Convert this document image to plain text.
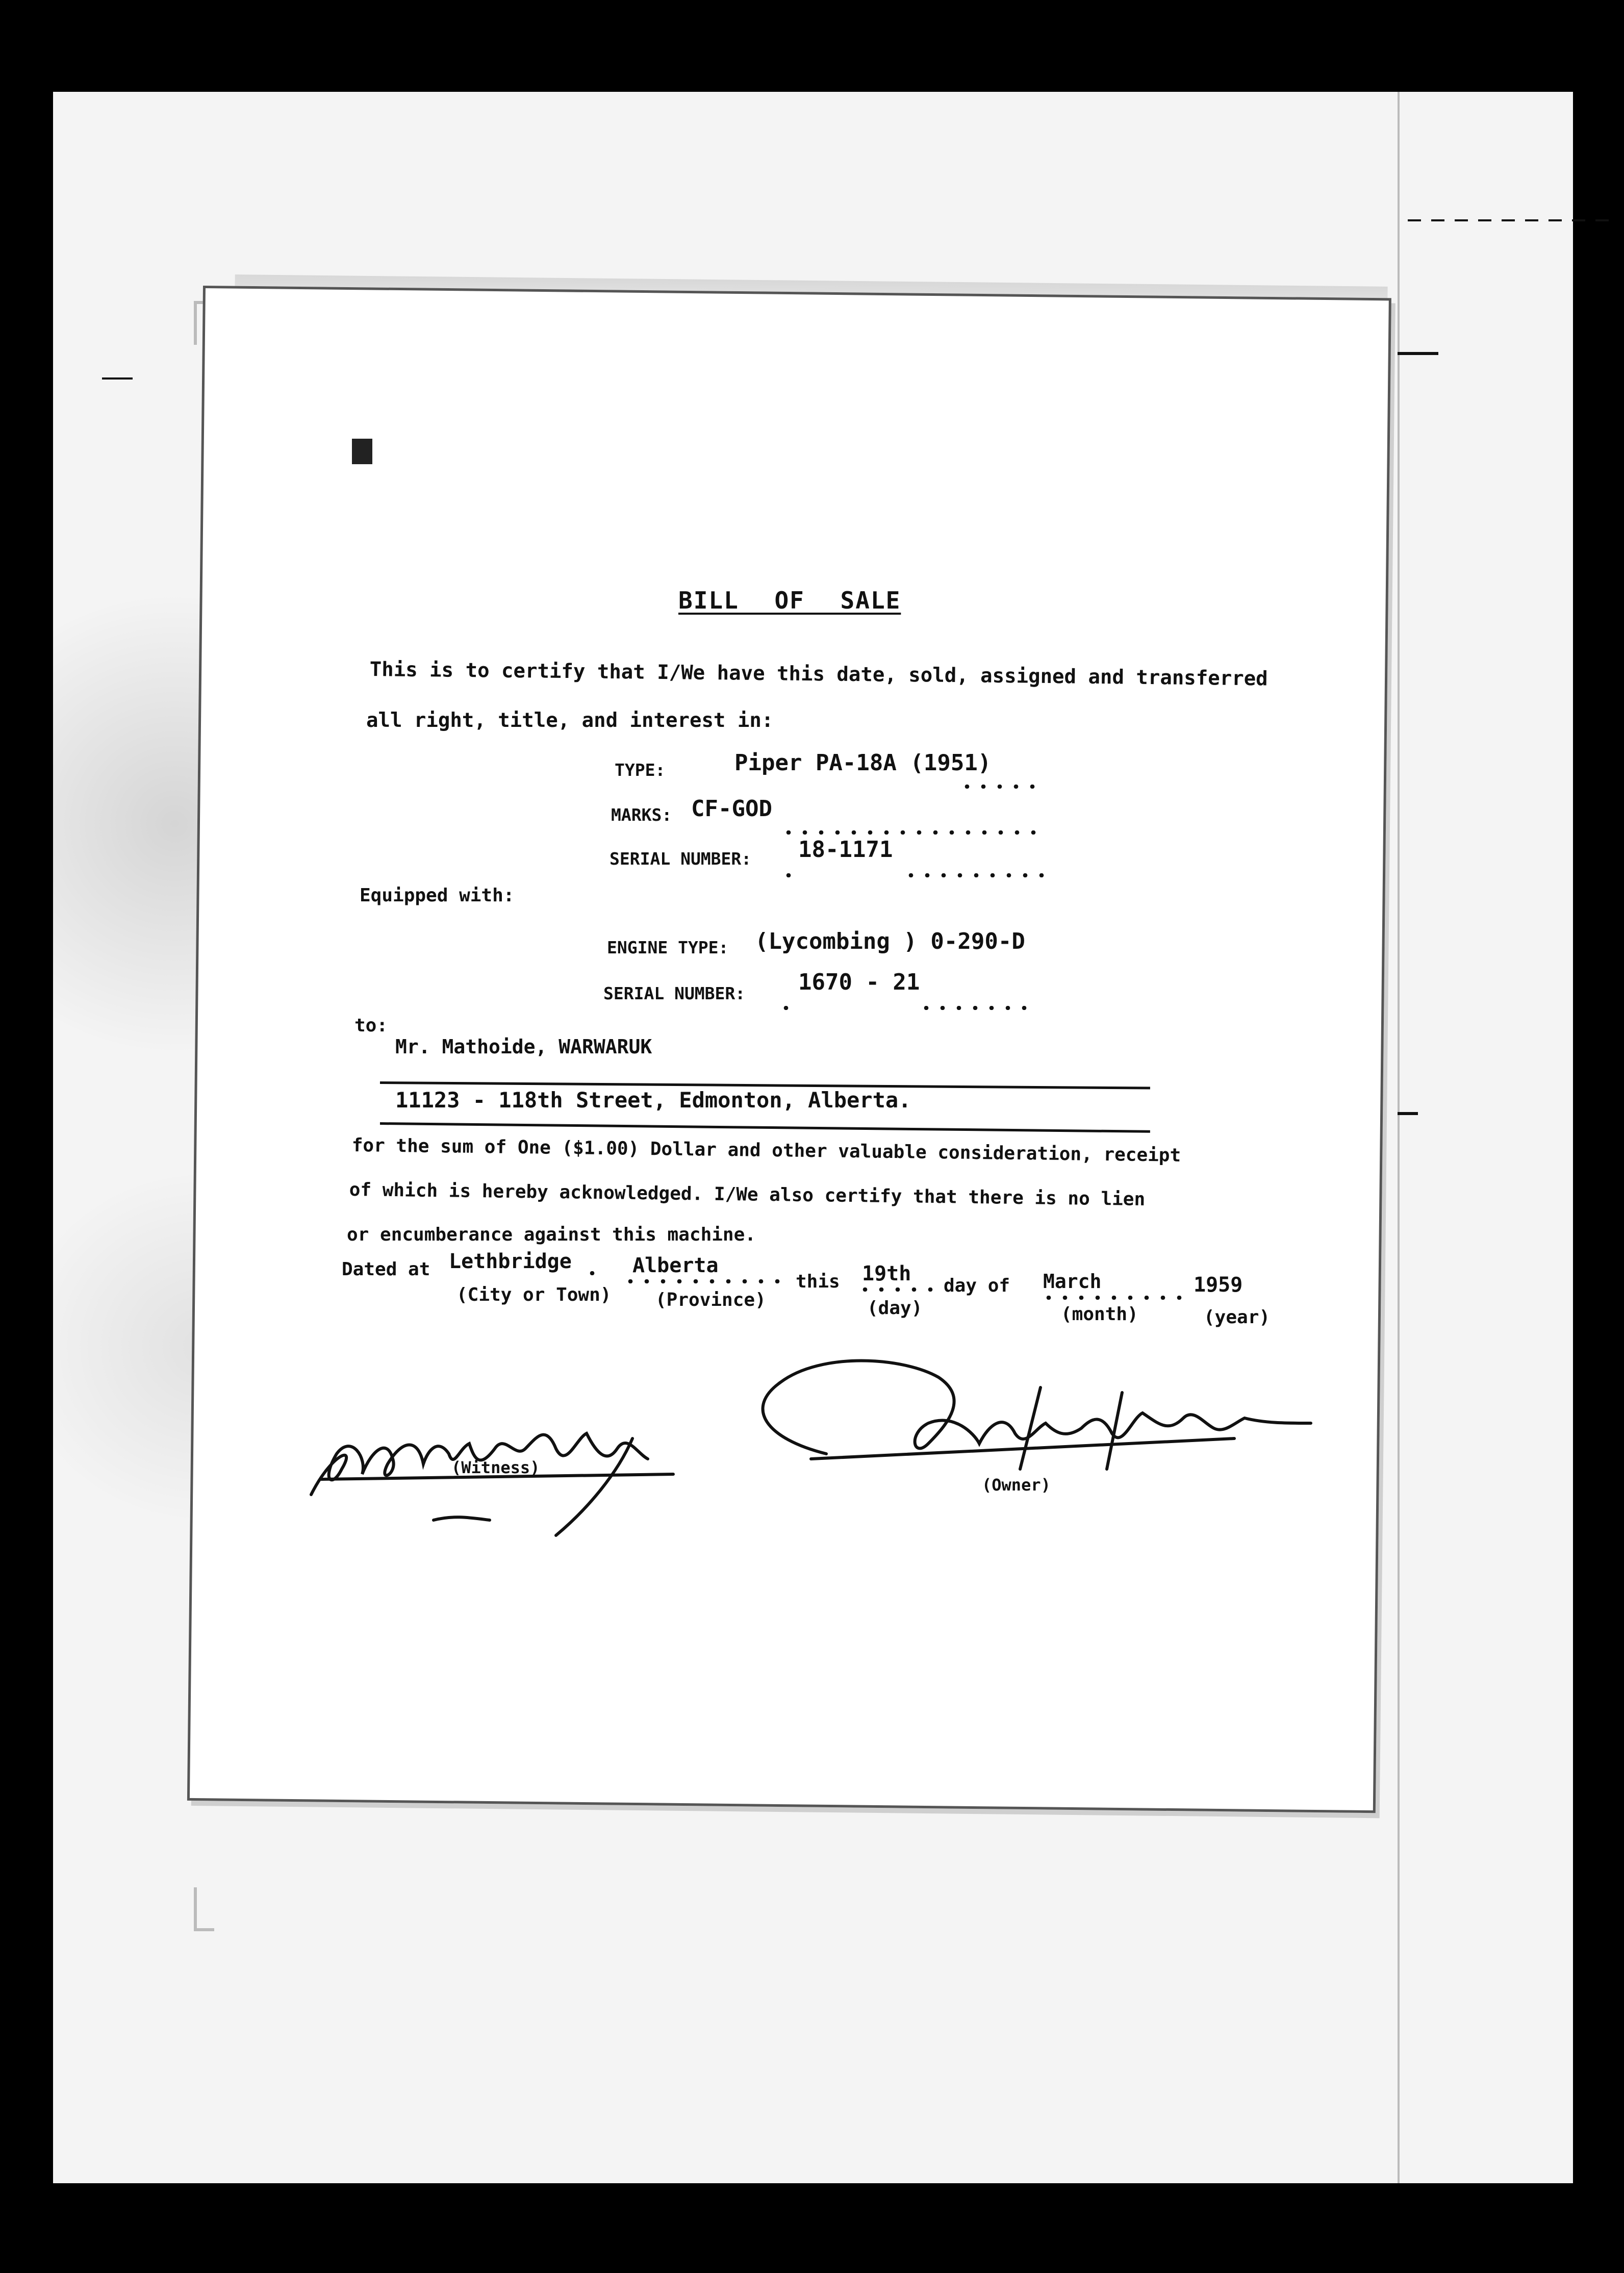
BILL OF SALE
This is to certify that I/We have this date, sold, assigned and transferred
all right, title, and interest in:
TYPE:	Piper PA-18A (1951)
MARKS: CF-GOD
SERIAL NUMBER: 18-1171
Equipped with:
ENGINE TYPE: (Lycombing ) 0-290-D
SERIAL NUMBER: 1670 - 21
to:
Mr. Mathoide, WARWARUK
11123 - 118th Street, Edmonton, Alberta.
for the sum of One ($1.00) Dollar and other valuable consideration, receipt
of which is hereby acknowledged. I/We also certify that there is no lien
or encumberance against this machine.
Dated at Lethbridge
(City or Town)
Alberta
(Province)
this 19th
(day)
day of March
(month)
1959
(year)
(Witness)
(Owner)
